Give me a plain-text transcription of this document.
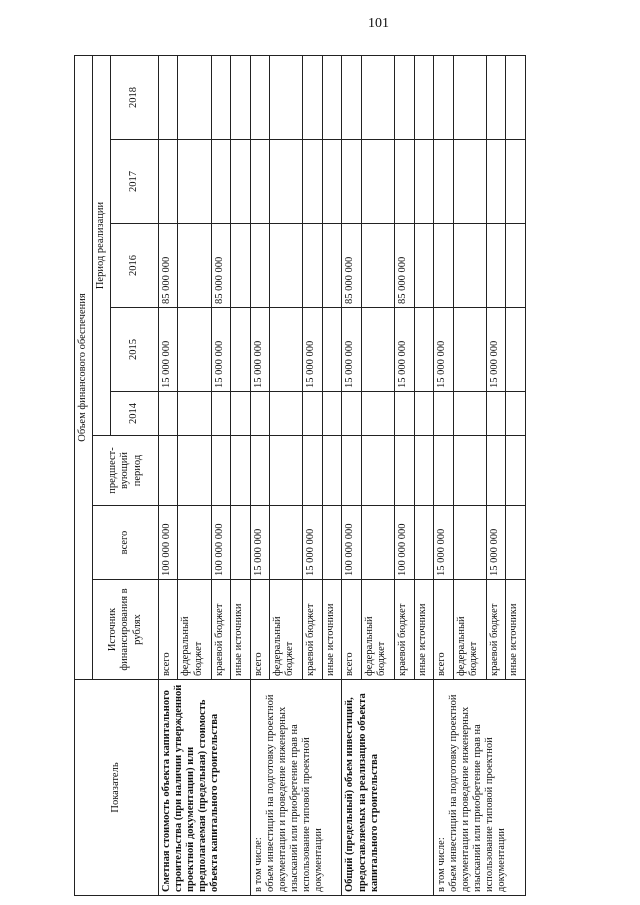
101
Показатель	Объем финансового обеспечения							
	Источник финансирования в рублях	всего	предшест-вующий период	Период реализации				
				2014	2015	2016	2017	2018

Сметная стоимость объекта капитального строительства (при наличии утвержденной проектной документации) или предполагаемая (предельная) стоимость объекта капитального строительства	всего	100 000 000			15 000 000	85 000 000		
	федеральный бюджет							
	краевой бюджет	100 000 000			15 000 000	85 000 000		
	иные источники							

в том числе: объем инвестиций на подготовку проектной документации и проведение инженерных изысканий или приобретение прав на использование типовой проектной документации	всего	15 000 000			15 000 000			
	федеральный бюджет							
	краевой бюджет	15 000 000			15 000 000			
	иные источники							

Общий (предельный) объем инвестиций, предоставляемых на реализацию объекта капитального строительства	всего	100 000 000			15 000 000	85 000 000		
	федеральный бюджет							
	краевой бюджет	100 000 000			15 000 000	85 000 000		
	иные источники							

в том числе: объем инвестиций на подготовку проектной документации и проведение инженерных изысканий или приобретение прав на использование типовой проектной документации	всего	15 000 000			15 000 000			
	федеральный бюджет							
	краевой бюджет	15 000 000			15 000 000			
	иные источники							
